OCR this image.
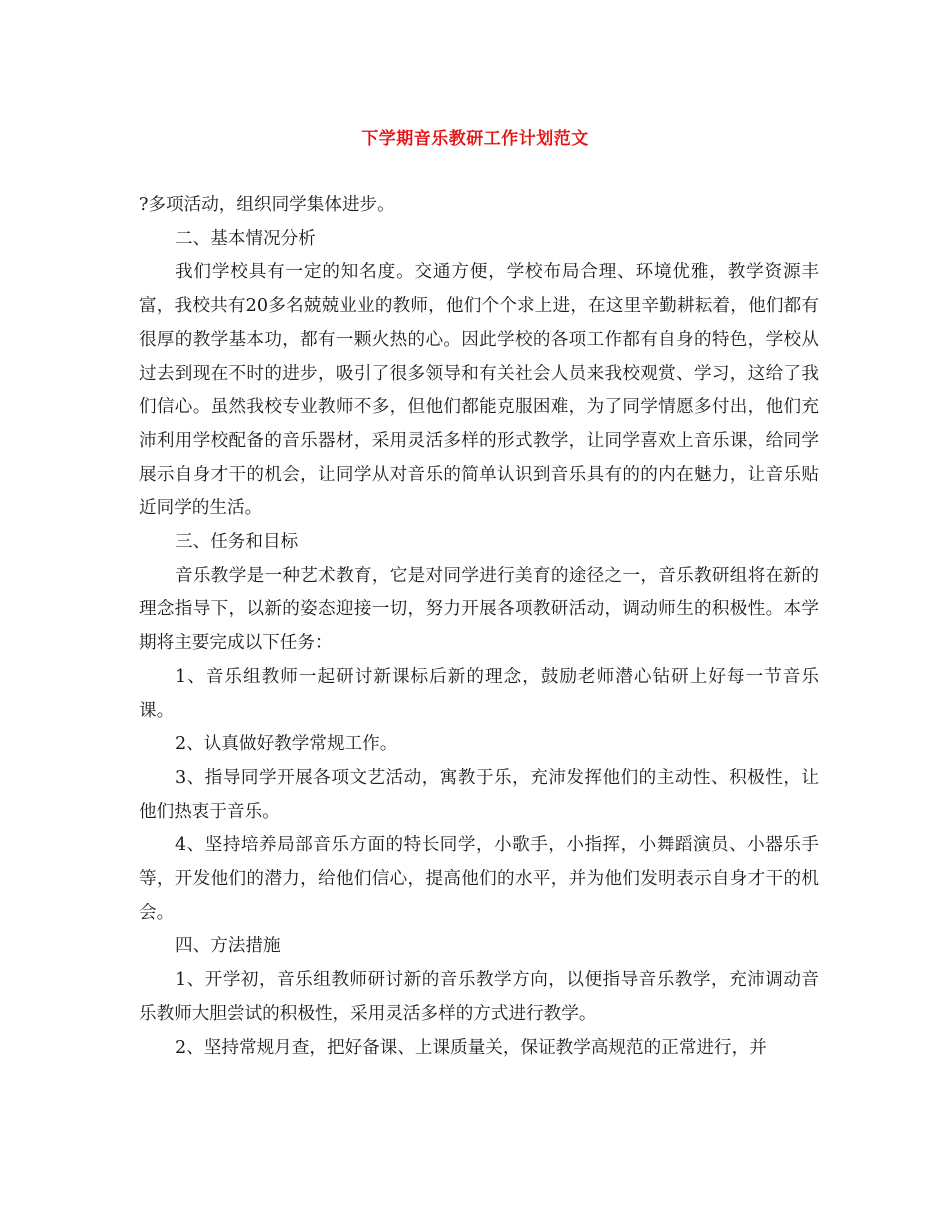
下学期音乐教研工作计划范文

?多项活动，组织同学集体进步。

二、基本情况分析

我们学校具有一定的知名度。交通方便，学校布局合理、环境优雅，教学资源丰富，我校共有20多名兢兢业业的教师，他们个个求上进，在这里辛勤耕耘着，他们都有很厚的教学基本功，都有一颗火热的心。因此学校的各项工作都有自身的特色，学校从过去到现在不时的进步，吸引了很多领导和有关社会人员来我校观赏、学习，这给了我们信心。虽然我校专业教师不多，但他们都能克服困难，为了同学情愿多付出，他们充沛利用学校配备的音乐器材，采用灵活多样的形式教学，让同学喜欢上音乐课，给同学展示自身才干的机会，让同学从对音乐的简单认识到音乐具有的的内在魅力，让音乐贴近同学的生活。

三、任务和目标

音乐教学是一种艺术教育，它是对同学进行美育的途径之一，音乐教研组将在新的理念指导下，以新的姿态迎接一切，努力开展各项教研活动，调动师生的积极性。本学期将主要完成以下任务：

1、音乐组教师一起研讨新课标后新的理念，鼓励老师潜心钻研上好每一节音乐课。

2、认真做好教学常规工作。

3、指导同学开展各项文艺活动，寓教于乐，充沛发挥他们的主动性、积极性，让他们热衷于音乐。

4、坚持培养局部音乐方面的特长同学，小歌手，小指挥，小舞蹈演员、小器乐手等，开发他们的潜力，给他们信心，提高他们的水平，并为他们发明表示自身才干的机会。

四、方法措施

1、开学初，音乐组教师研讨新的音乐教学方向，以便指导音乐教学，充沛调动音乐教师大胆尝试的积极性，采用灵活多样的方式进行教学。

2、坚持常规月查，把好备课、上课质量关，保证教学高规范的正常进行，并
